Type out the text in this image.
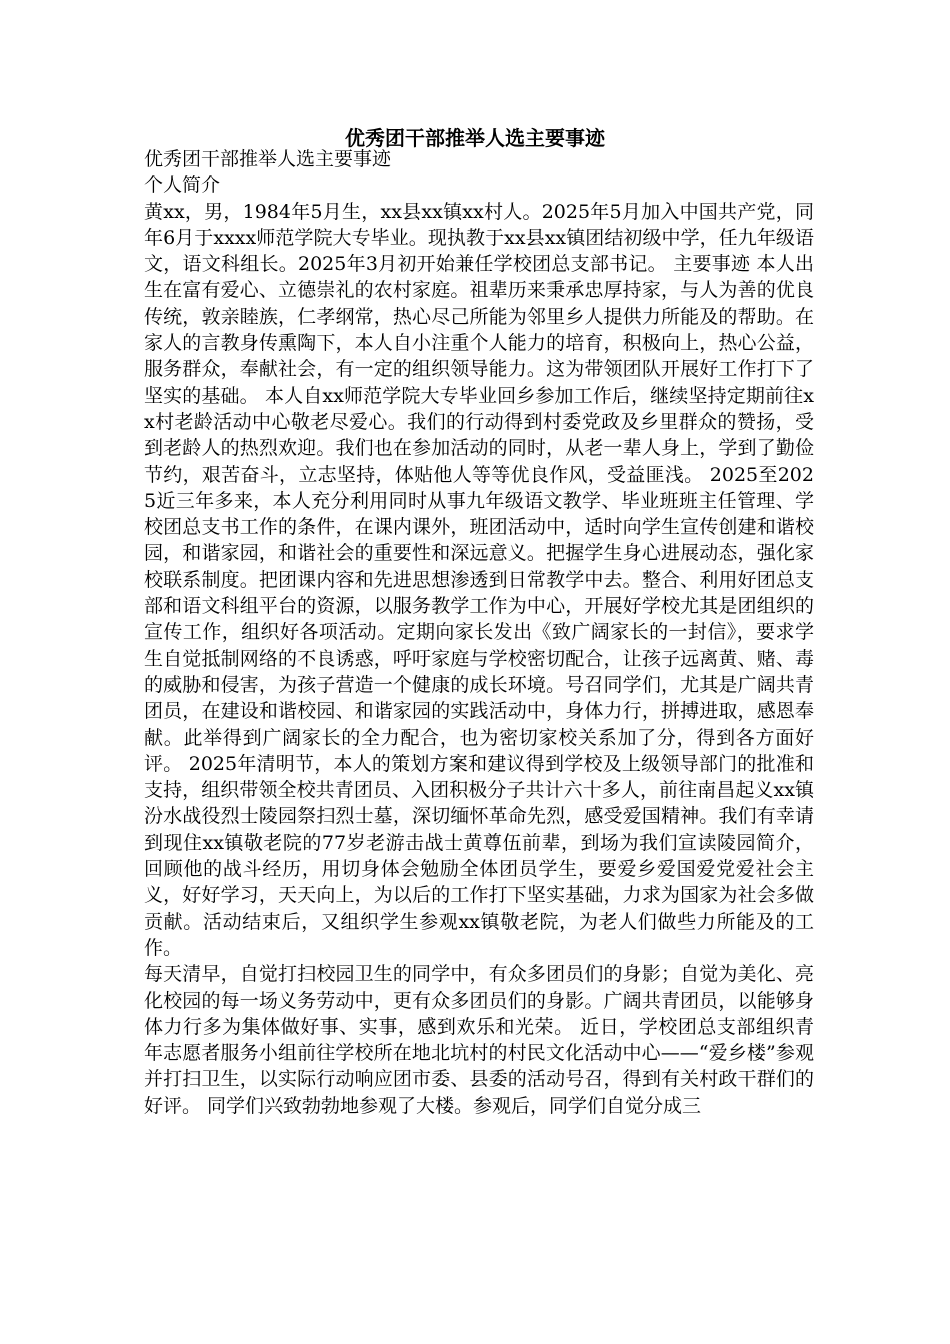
优秀团干部推举人选主要事迹

优秀团干部推举人选主要事迹

个人简介

黄xx，男，1984年5月生，xx县xx镇xx村人。2025年5月加入中国共产党，同年6月于xxxx师范学院大专毕业。现执教于xx县xx镇团结初级中学，任九年级语文，语文科组长。2025年3月初开始兼任学校团总支部书记。 主要事迹 本人出生在富有爱心、立德崇礼的农村家庭。祖辈历来秉承忠厚持家，与人为善的优良传统，敦亲睦族，仁孝纲常，热心尽己所能为邻里乡人提供力所能及的帮助。在家人的言教身传熏陶下，本人自小注重个人能力的培育，积极向上，热心公益，服务群众，奉献社会，有一定的组织领导能力。这为带领团队开展好工作打下了坚实的基础。 本人自xx师范学院大专毕业回乡参加工作后，继续坚持定期前往xx村老龄活动中心敬老尽爱心。我们的行动得到村委党政及乡里群众的赞扬，受到老龄人的热烈欢迎。我们也在参加活动的同时，从老一辈人身上，学到了勤俭节约，艰苦奋斗，立志坚持，体贴他人等等优良作风，受益匪浅。 2025至2025近三年多来，本人充分利用同时从事九年级语文教学、毕业班班主任管理、学校团总支书工作的条件，在课内课外，班团活动中，适时向学生宣传创建和谐校园，和谐家园，和谐社会的重要性和深远意义。把握学生身心进展动态，强化家校联系制度。把团课内容和先进思想渗透到日常教学中去。整合、利用好团总支部和语文科组平台的资源，以服务教学工作为中心，开展好学校尤其是团组织的宣传工作，组织好各项活动。定期向家长发出《致广阔家长的一封信》，要求学生自觉抵制网络的不良诱惑，呼吁家庭与学校密切配合，让孩子远离黄、赌、毒的威胁和侵害，为孩子营造一个健康的成长环境。号召同学们，尤其是广阔共青团员，在建设和谐校园、和谐家园的实践活动中，身体力行，拼搏进取，感恩奉献。此举得到广阔家长的全力配合，也为密切家校关系加了分，得到各方面好评。 2025年清明节，本人的策划方案和建议得到学校及上级领导部门的批准和支持，组织带领全校共青团员、入团积极分子共计六十多人，前往南昌起义xx镇汾水战役烈士陵园祭扫烈士墓，深切缅怀革命先烈，感受爱国精神。我们有幸请到现住xx镇敬老院的77岁老游击战士黄尊伍前辈，到场为我们宣读陵园简介，回顾他的战斗经历，用切身体会勉励全体团员学生，要爱乡爱国爱党爱社会主义，好好学习，天天向上，为以后的工作打下坚实基础，力求为国家为社会多做贡献。活动结束后，又组织学生参观xx镇敬老院，为老人们做些力所能及的工作。

每天清早，自觉打扫校园卫生的同学中，有众多团员们的身影；自觉为美化、亮化校园的每一场义务劳动中，更有众多团员们的身影。广阔共青团员，以能够身体力行多为集体做好事、实事，感到欢乐和光荣。 近日，学校团总支部组织青年志愿者服务小组前往学校所在地北坑村的村民文化活动中心——“爱乡楼”参观并打扫卫生，以实际行动响应团市委、县委的活动号召，得到有关村政干群们的好评。 同学们兴致勃勃地参观了大楼。参观后，同学们自觉分成三
